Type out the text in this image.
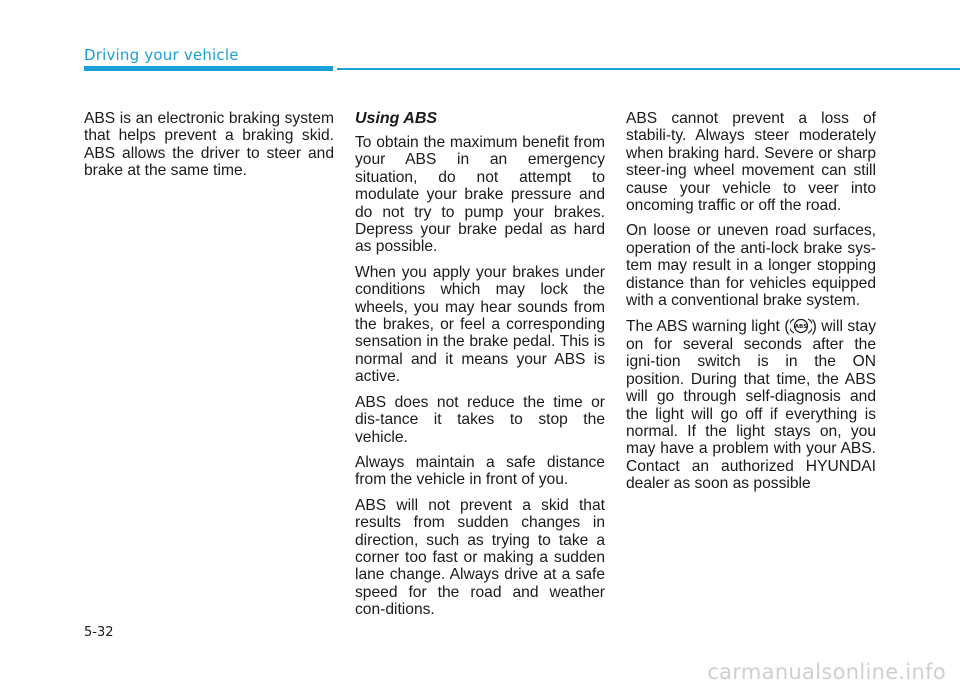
Driving your vehicle

ABS is an electronic braking system that helps prevent a braking skid. ABS allows the driver to steer and brake at the same time.

Using ABS

To obtain the maximum benefit from your ABS in an emergency situation, do not attempt to modulate your brake pressure and do not try to pump your brakes. Depress your brake pedal as hard as possible.

When you apply your brakes under conditions which may lock the wheels, you may hear sounds from the brakes, or feel a corresponding sensation in the brake pedal. This is normal and it means your ABS is active.

ABS does not reduce the time or dis-tance it takes to stop the vehicle.

Always maintain a safe distance from the vehicle in front of you.

ABS will not prevent a skid that results from sudden changes in direction, such as trying to take a corner too fast or making a sudden lane change. Always drive at a safe speed for the road and weather con-ditions.

ABS cannot prevent a loss of stabili-ty. Always steer moderately when braking hard. Severe or sharp steer-ing wheel movement can still cause your vehicle to veer into oncoming traffic or off the road.

On loose or uneven road surfaces, operation of the anti-lock brake sys-tem may result in a longer stopping distance than for vehicles equipped with a conventional brake system.

The ABS warning light ( ABS ) will stay on for several seconds after the igni-tion switch is in the ON position. During that time, the ABS will go through self-diagnosis and the light will go off if everything is normal. If the light stays on, you may have a problem with your ABS. Contact an authorized HYUNDAI dealer as soon as possible

5-32
carmanualsonline.info
